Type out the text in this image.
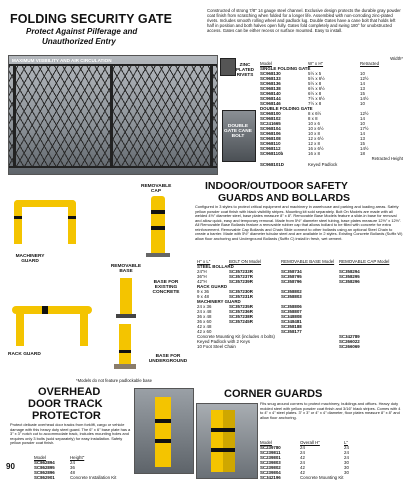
FOLDING SECURITY GATE
Protect Against Pilferage and
Unauthorized Entry
Constructed of strong 7/8" 14 gauge steel channel. Exclusive design protects the durable gray powder coat finish from scratching when folded for a longer life. Assembled with non-corroding zinc-plated rivets. Includes smooth rolling wheel and padlock lug. Double Gates have a cane bolt that holds left half in position and both halves open fully. Gates fold completely and swing 180° for unobstructed access. Gates can be either recess or surface mounted. Easy to install.
MAXIMUM VISIBILITY AND AIR CIRCULATION
ZINC PLATED RIVETS
DOUBLE GATE CANE BOLT
Width*
Model	W" x H"	Retracted
SINGLE FOLDING GATE		
SC968130	5½ x 5	10
SC968133	5½ x 6½	12½
SC968136	5½ x 8	14
SC968138	6½ x 6½	13
SC968140	6½ x 8	15
SC968144	7½ x 6½	14½
SC968146	7½ x 8	10
DOUBLE FOLDING GATE		
SC968100	8 x 6½	12½
SC968102	8 x 8	14
SC241665	10 x 6	10
SC968104	10 x 6½	17½
SC968106	10 x 8	14
SC968108	12 x 6½	13
SC968110	12 x 8	15
SC968112	16 x 6½	14½
SC968110b	16 x 8	18
Retracted Height
SC968101D	Keyed Padlock
REMOVABLE CAP
MACHINERY GUARD
REMOVABLE BASE
BASE FOR EXISTING CONCRETE
RACK GUARD	BASE FOR UNDERGROUND
INDOOR/OUTDOOR SAFETY
GUARDS AND BOLLARDS
Configured in 3 styles to protect critical equipment and machinery in warehouse and parking and loading areas. Safety yellow powder coat finish with black visibility stripes. Mounting kit sold separately. Bolt On Models are made with all welded 4½" diameter steel, base plates measure 8" x 8". Removable Base Models feature a slide-in base for removal and allow quick, easy and temporary removal. Made from 5½" diameter steel tubing, base plates measure 12½" x 12½". All Removable Base Bollards feature a removable rubber cap that allows bollard to be filled with concrete for extra reinforcement. Removable Cap Bollards and Chain Slide connect to other bollards using an optional Steel Chain to create a barrier. Made with 5½" diameter tubular steel and are available in 2 styles. Existing Concrete Bollards (Suffix W) allow floor anchoring and Underground Bollards (Suffix C) install in fresh, wet cement.
H" x L"	BOLT ON Model	REMOVABLE BASE Model	REMOVABLE CAP Model
STEEL BOLLARD			
24"H	SC357233R	SC358734	SC358294
36"H	SC357237R	SC358795	SC358295
42"H	SC357239R	SC358796	SC358296
RACK GUARD			
9 x 36	SC357230R	SC358802	
9 x 48	SC357231R	SC358803	
MACHINERY GUARD			
24 x 36	SC357235R	SC358806	
24 x 48	SC357236R	SC358807	
36 x 48	SC357238R	SC348808	
36 x 60	SC357245R	SC348481	
42 x 48		SC358188	
42 x 60		SC358177	
Concrete Mounting Kit (includes 4 bolts)			SC342789
Keyed Padlock with 2 Keys			SC266022
10 Foot Steel Chain			SC266069
*Models do not feature padlockable base
OVERHEAD
DOOR TRACK
PROTECTOR
Protect delicate overhead door tracks from forklift, cargo or vehicle damage with this heavy duty steel guard. The 6" x 6" base plate has a 3" x 3" notch cut to accommodate track, includes mounting holes and requires only 3 bolts (sold separately) for easy installation. Safety yellow powder coat finish.
Model	Height"
SC862894	24
SC862895	36
SC862896	48
SC862901	Concrete Installation Kit
90
CORNER GUARDS
Fits snug around corners to protect machinery, buildings and offices. Heavy duty molded steel with yellow powder coat finish and 3/16" black stripes. Comes with 4 to 4" x 4" steel plates. 3" x 3" or 4" x 4" diameter, floor plates measure 8" x 8" and allow floor anchoring.
Model	Overall H"	L"
SC239780	24	24
SC239811	24	24
SC239801	42	24
SC239803	24	30
SC239802	42	30
SC239804	42	30
SC342196	Concrete Mounting Kit	
